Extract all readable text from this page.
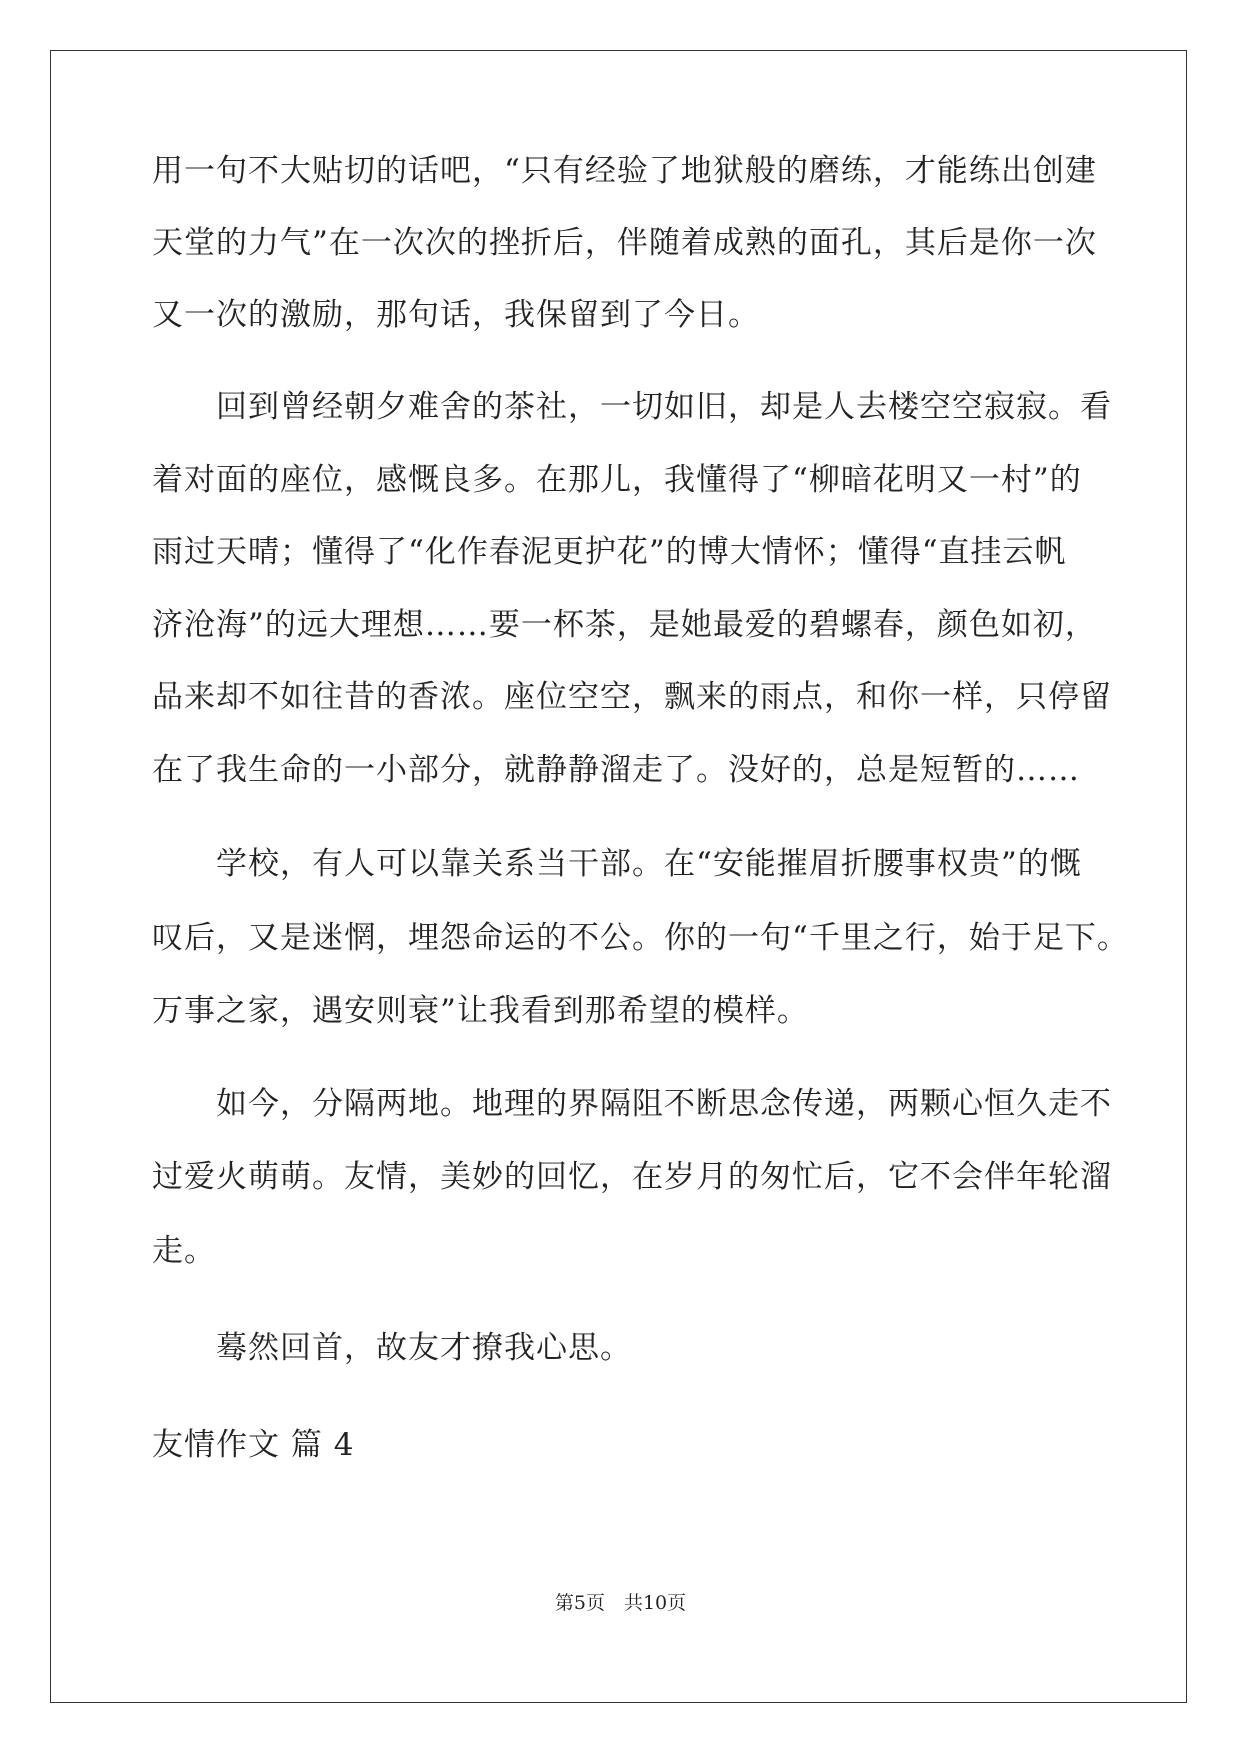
用一句不大贴切的话吧，“只有经验了地狱般的磨练，才能练出创建
天堂的力气”在一次次的挫折后，伴随着成熟的面孔，其后是你一次
又一次的激励，那句话，我保留到了今日。
　　回到曾经朝夕难舍的茶社，一切如旧，却是人去楼空空寂寂。看
着对面的座位，感慨良多。在那儿，我懂得了“柳暗花明又一村”的
雨过天晴；懂得了“化作春泥更护花”的博大情怀；懂得“直挂云帆
济沧海”的远大理想……要一杯茶，是她最爱的碧螺春，颜色如初，
品来却不如往昔的香浓。座位空空，飘来的雨点，和你一样，只停留
在了我生命的一小部分，就静静溜走了。没好的，总是短暂的……
　　学校，有人可以靠关系当干部。在“安能摧眉折腰事权贵”的慨
叹后，又是迷惘，埋怨命运的不公。你的一句“千里之行，始于足下。
万事之家，遇安则衰”让我看到那希望的模样。
　　如今，分隔两地。地理的界隔阻不断思念传递，两颗心恒久走不
过爱火萌萌。友情，美妙的回忆，在岁月的匆忙后，它不会伴年轮溜
走。
　　蓦然回首，故友才撩我心思。
友情作文 篇 4
第5页　共10页
